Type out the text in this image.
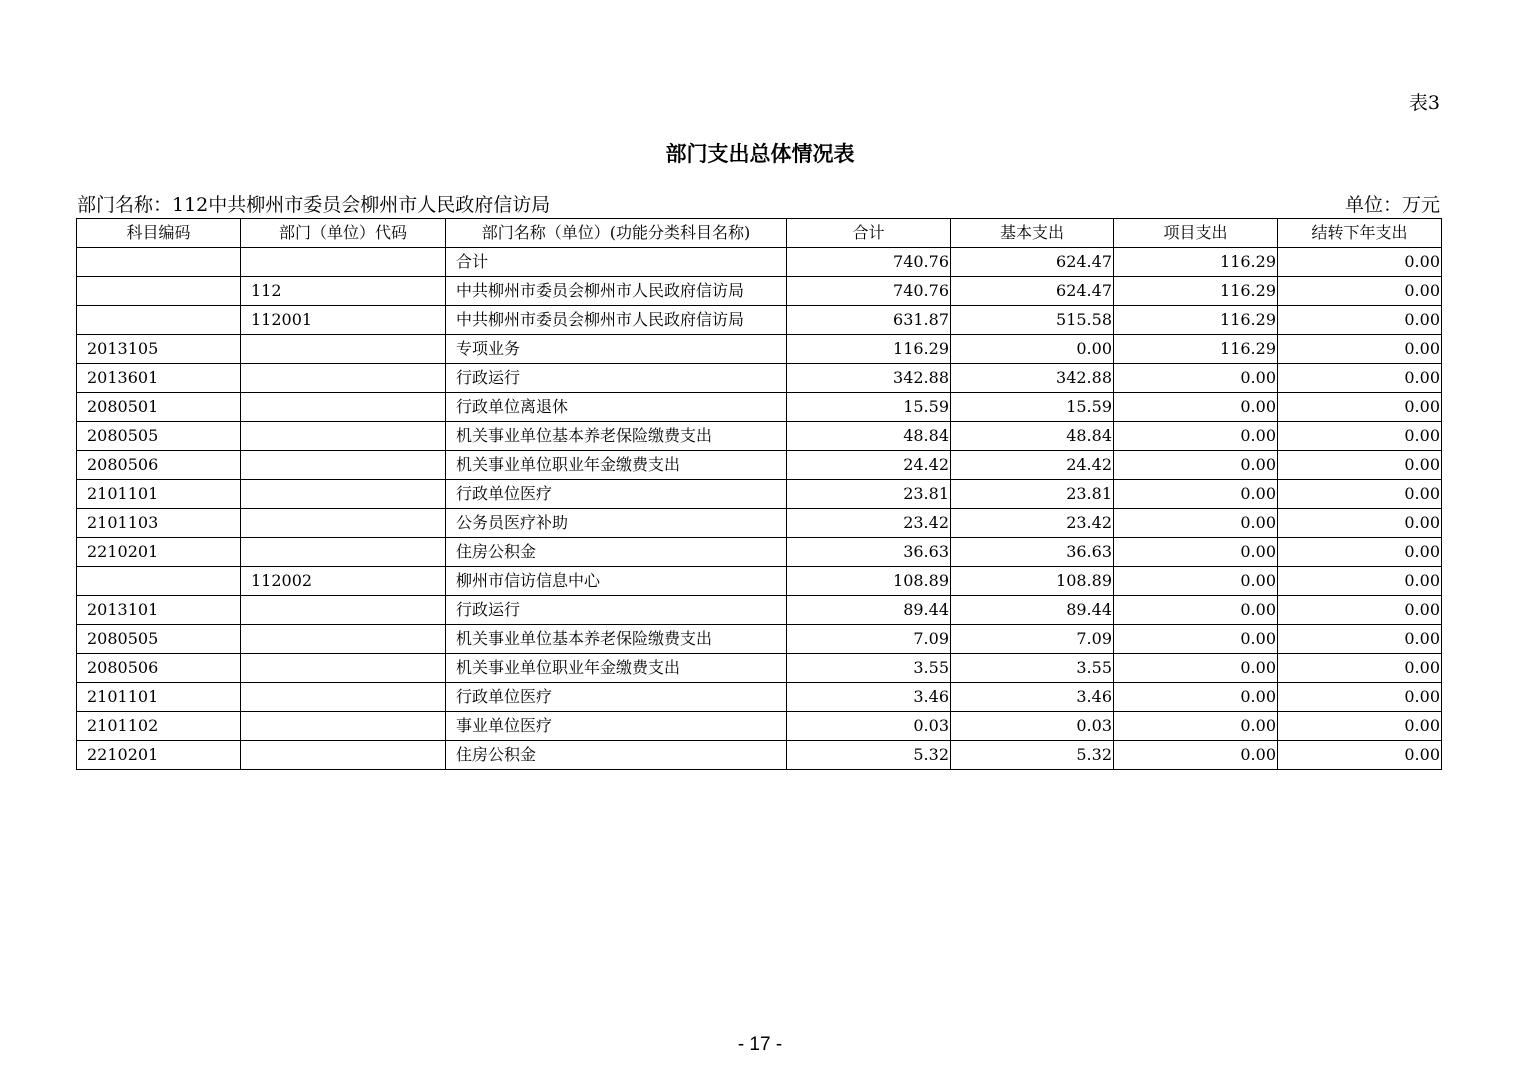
表3
部门支出总体情况表
部门名称：112中共柳州市委员会柳州市人民政府信访局	单位：万元
科目编码	部门（单位）代码	部门名称（单位）(功能分类科目名称)	合计	基本支出	项目支出	结转下年支出
		合计	740.76	624.47	116.29	0.00
	112	中共柳州市委员会柳州市人民政府信访局	740.76	624.47	116.29	0.00
	112001	中共柳州市委员会柳州市人民政府信访局	631.87	515.58	116.29	0.00
2013105		专项业务	116.29	0.00	116.29	0.00
2013601		行政运行	342.88	342.88	0.00	0.00
2080501		行政单位离退休	15.59	15.59	0.00	0.00
2080505		机关事业单位基本养老保险缴费支出	48.84	48.84	0.00	0.00
2080506		机关事业单位职业年金缴费支出	24.42	24.42	0.00	0.00
2101101		行政单位医疗	23.81	23.81	0.00	0.00
2101103		公务员医疗补助	23.42	23.42	0.00	0.00
2210201		住房公积金	36.63	36.63	0.00	0.00
	112002	柳州市信访信息中心	108.89	108.89	0.00	0.00
2013101		行政运行	89.44	89.44	0.00	0.00
2080505		机关事业单位基本养老保险缴费支出	7.09	7.09	0.00	0.00
2080506		机关事业单位职业年金缴费支出	3.55	3.55	0.00	0.00
2101101		行政单位医疗	3.46	3.46	0.00	0.00
2101102		事业单位医疗	0.03	0.03	0.00	0.00
2210201		住房公积金	5.32	5.32	0.00	0.00
- 17 -
